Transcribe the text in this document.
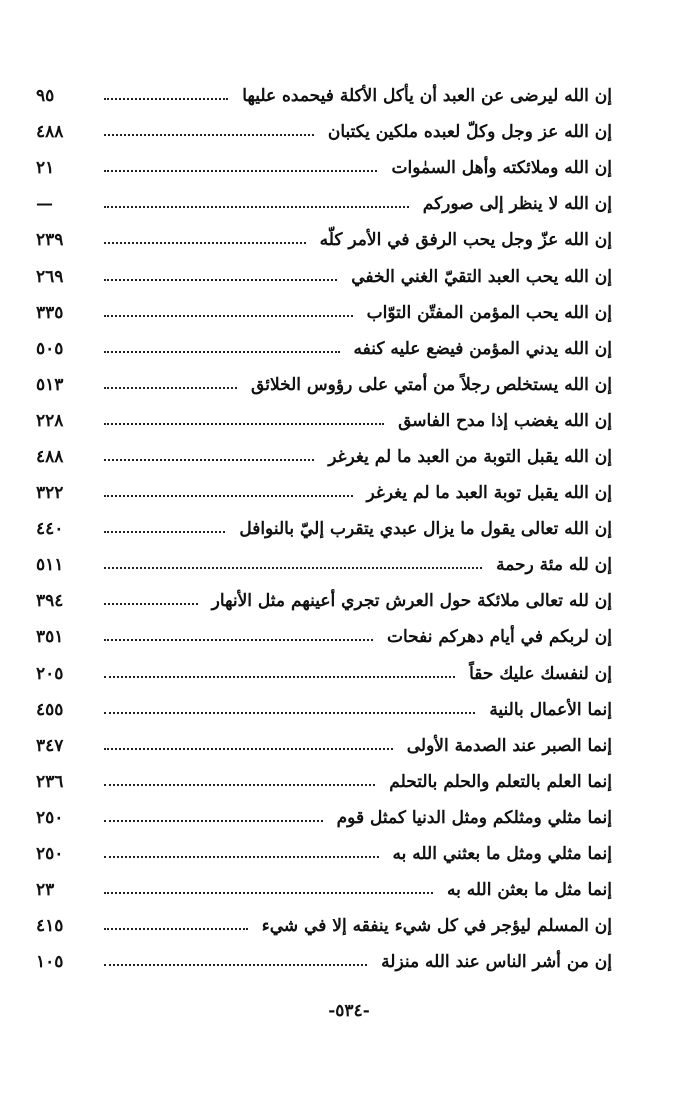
إن الله ليرضى عن العبد أن يأكل الأكلة فيحمده عليها
٩٥
إن الله عز وجل وكلّ لعبده ملكين يكتبان
٤٨٨
إن الله وملائكته وأهل السمٰوات
٢١
إن الله لا ينظر إلى صوركم
—
إن الله عزّ وجل يحب الرفق في الأمر كلّه
٢٣٩
إن الله يحب العبد التقيّ الغني الخفي
٢٦٩
إن الله يحب المؤمن المفتّن التوّاب
٣٣٥
إن الله يدني المؤمن فيضع عليه كنفه
٥٠٥
إن الله يستخلص رجلاً من أمتي على رؤوس الخلائق
٥١٣
إن الله يغضب إذا مدح الفاسق
٢٢٨
إن الله يقبل التوبة من العبد ما لم يغرغر
٤٨٨
إن الله يقبل توبة العبد ما لم يغرغر
٣٢٢
إن الله تعالى يقول ما يزال عبدي يتقرب إليّ بالنوافل
٤٤٠
إن لله مئة رحمة
٥١١
إن لله تعالى ملائكة حول العرش تجري أعينهم مثل الأنهار
٣٩٤
إن لربكم في أيام دهركم نفحات
٣٥١
إن لنفسك عليك حقاً
٢٠٥
إنما الأعمال بالنية
٤٥٥
إنما الصبر عند الصدمة الأولى
٣٤٧
إنما العلم بالتعلم والحلم بالتحلم
٢٣٦
إنما مثلي ومثلكم ومثل الدنيا كمثل قوم
٢٥٠
إنما مثلي ومثل ما بعثني الله به
٢٥٠
إنما مثل ما بعثن الله به
٢٣
إن المسلم ليؤجر في كل شيء ينفقه إلا في شيء
٤١٥
إن من أشر الناس عند الله منزلة
١٠٥
-٥٣٤-
